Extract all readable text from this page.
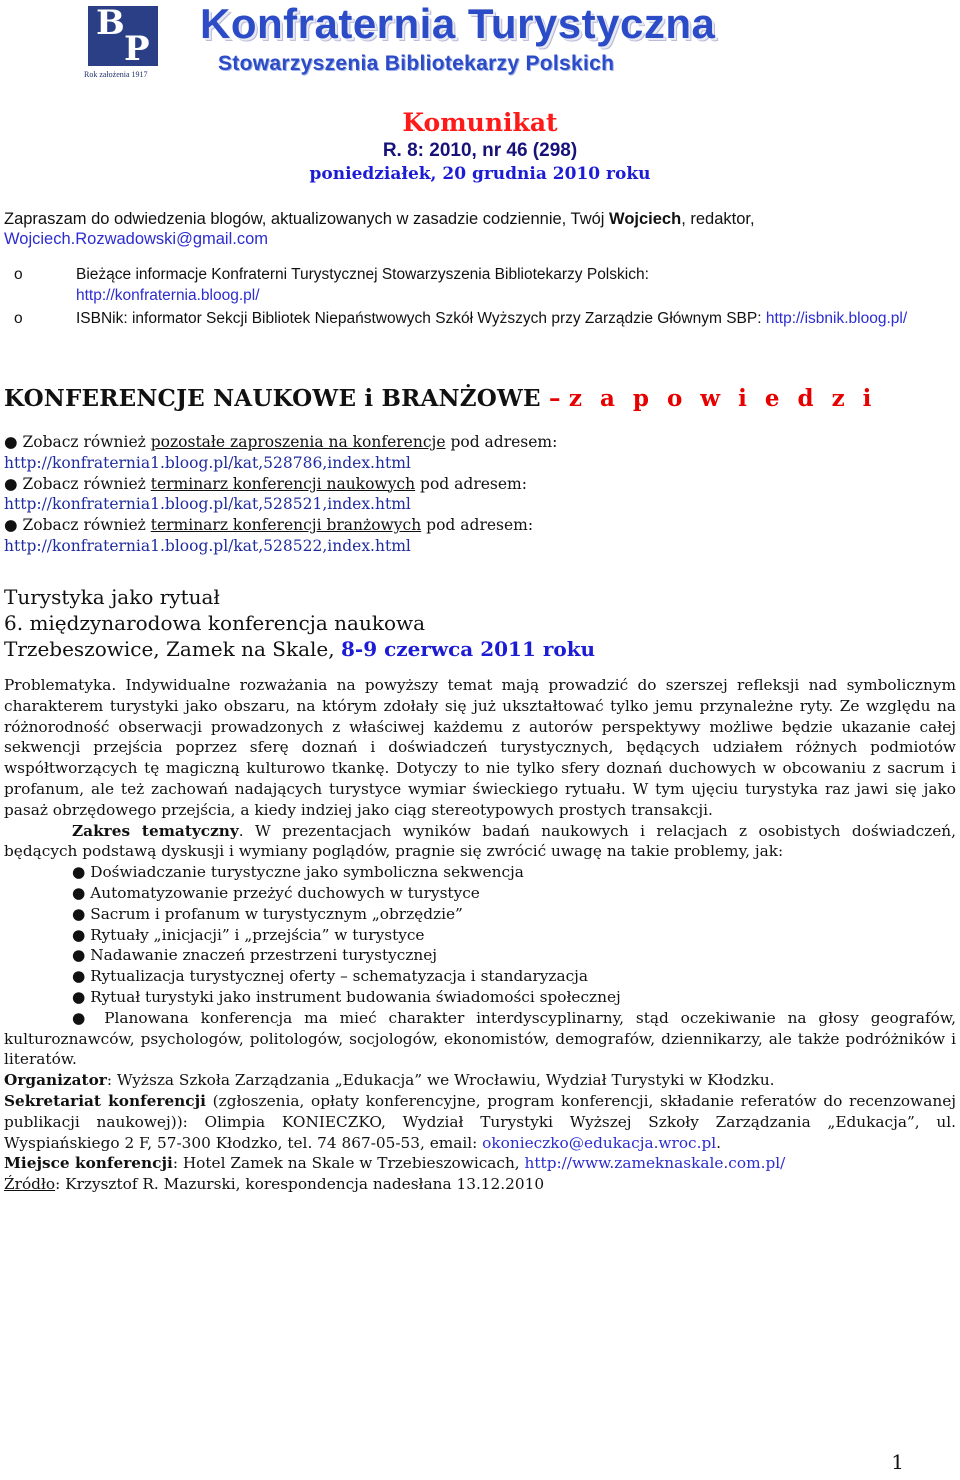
B
P
Rok założenia 1917
Konfraternia Turystyczna
Stowarzyszenia Bibliotekarzy Polskich
Komunikat
R. 8: 2010, nr 46 (298)
poniedziałek, 20 grudnia 2010 roku
Zapraszam do odwiedzenia blogów, aktualizowanych w zasadzie codziennie, Twój Wojciech, redaktor,
Wojciech.Rozwadowski@gmail.com
o	Bieżące informacje Konfraterni Turystycznej Stowarzyszenia Bibliotekarzy Polskich:
http://konfraternia.bloog.pl/
o	ISBNik: informator Sekcji Bibliotek Niepaństwowych Szkół Wyższych przy Zarządzie Głównym SBP: http://isbnik.bloog.pl/
KONFERENCJE NAUKOWE i BRANŻOWE – z a p o w i e d z i
● Zobacz również pozostałe zaproszenia na konferencje pod adresem:
http://konfraternia1.bloog.pl/kat,528786,index.html
● Zobacz również terminarz konferencji naukowych pod adresem:
http://konfraternia1.bloog.pl/kat,528521,index.html
● Zobacz również terminarz konferencji branżowych pod adresem:
http://konfraternia1.bloog.pl/kat,528522,index.html
Turystyka jako rytuał
6. międzynarodowa konferencja naukowa
Trzebeszowice, Zamek na Skale, 8-9 czerwca 2011 roku

Problematyka. Indywidualne rozważania na powyższy temat mają prowadzić do szerszej refleksji nad symbolicznym charakterem turystyki jako obszaru, na którym zdołały się już ukształtować tylko jemu przynależne ryty. Ze względu na różnorodność obserwacji prowadzonych z właściwej każdemu z autorów perspektywy możliwe będzie ukazanie całej sekwencji przejścia poprzez sferę doznań i doświadczeń turystycznych, będących udziałem różnych podmiotów współtworzących tę magiczną kulturowo tkankę. Dotyczy to nie tylko sfery doznań duchowych w obcowaniu z sacrum i profanum, ale też zachowań nadających turystyce wymiar świeckiego rytuału. W tym ujęciu turystyka raz jawi się jako pasaż obrzędowego przejścia, a kiedy indziej jako ciąg stereotypowych prostych transakcji.

Zakres tematyczny. W prezentacjach wyników badań naukowych i relacjach z osobistych doświadczeń, będących podstawą dyskusji i wymiany poglądów, pragnie się zwrócić uwagę na takie problemy, jak:

● Doświadczanie turystyczne jako symboliczna sekwencja
● Automatyzowanie przeżyć duchowych w turystyce
● Sacrum i profanum w turystycznym „obrzędzie”
● Rytuały „inicjacji” i „przejścia” w turystyce
● Nadawanie znaczeń przestrzeni turystycznej
● Rytualizacja turystycznej oferty – schematyzacja i standaryzacja
● Rytuał turystyki jako instrument budowania świadomości społecznej

● Planowana konferencja ma mieć charakter interdyscyplinarny, stąd oczekiwanie na głosy geografów, kulturoznawców, psychologów, politologów, socjologów, ekonomistów, demografów, dziennikarzy, ale także podróżników i literatów.

Organizator: Wyższa Szkoła Zarządzania „Edukacja” we Wrocławiu, Wydział Turystyki w Kłodzku.

Sekretariat konferencji (zgłoszenia, opłaty konferencyjne, program konferencji, składanie referatów do recenzowanej publikacji naukowej)): Olimpia KONIECZKO, Wydział Turystyki Wyższej Szkoły Zarządzania „Edukacja”, ul. Wyspiańskiego 2 F, 57-300 Kłodzko, tel. 74 867-05-53, email: okonieczko@edukacja.wroc.pl.

Miejsce konferencji: Hotel Zamek na Skale w Trzebieszowicach, http://www.zameknaskale.com.pl/

Źródło: Krzysztof R. Mazurski, korespondencja nadesłana 13.12.2010

1
